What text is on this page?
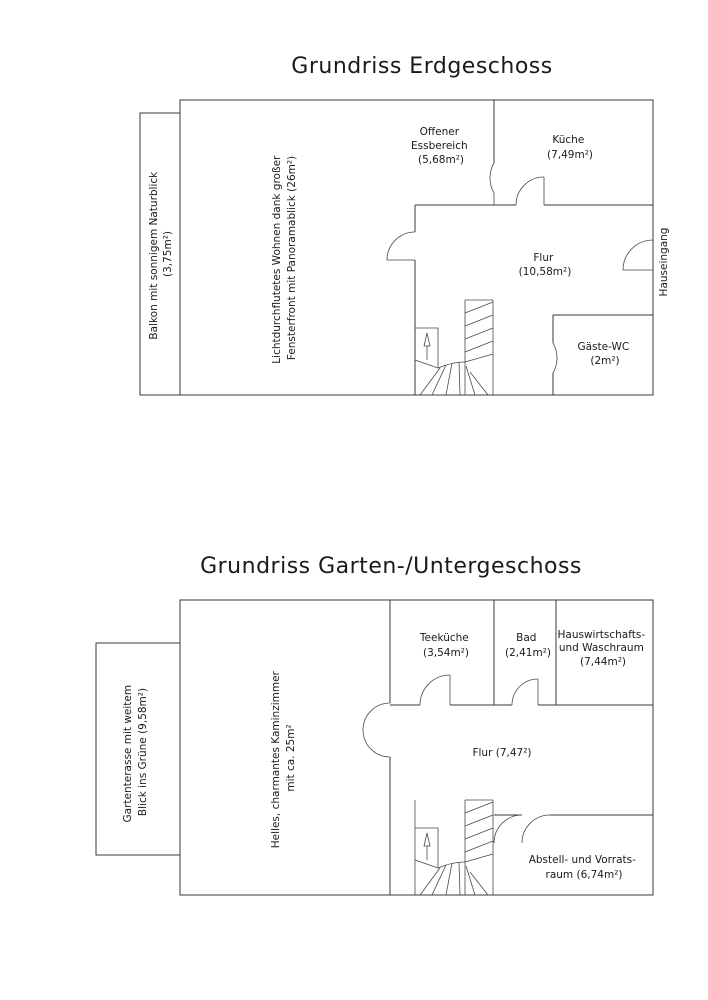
Grundriss Erdgeschoss
Balkon mit sonnigem Naturblick (3,75m²)	Lichtdurchflutetes Wohnen dank großer Fensterfront mit Panoramablick (26m²)
Offener Essbereich (5,68m²)
Küche (7,49m²)
Flur (10,58m²)
Gäste-WC (2m²)
Hauseingang
Grundriss Garten-/Untergeschoss
Gartenterasse mit weitem Blick ins Grüne (9,58m²)	Helles, charmantes Kaminzimmer mit ca. 25m²
Teeküche (3,54m²)
Bad (2,41m²)
Hauswirtschafts- und Waschraum (7,44m²)
Flur (7,47²)
Abstell- und Vorrats- raum (6,74m²)
